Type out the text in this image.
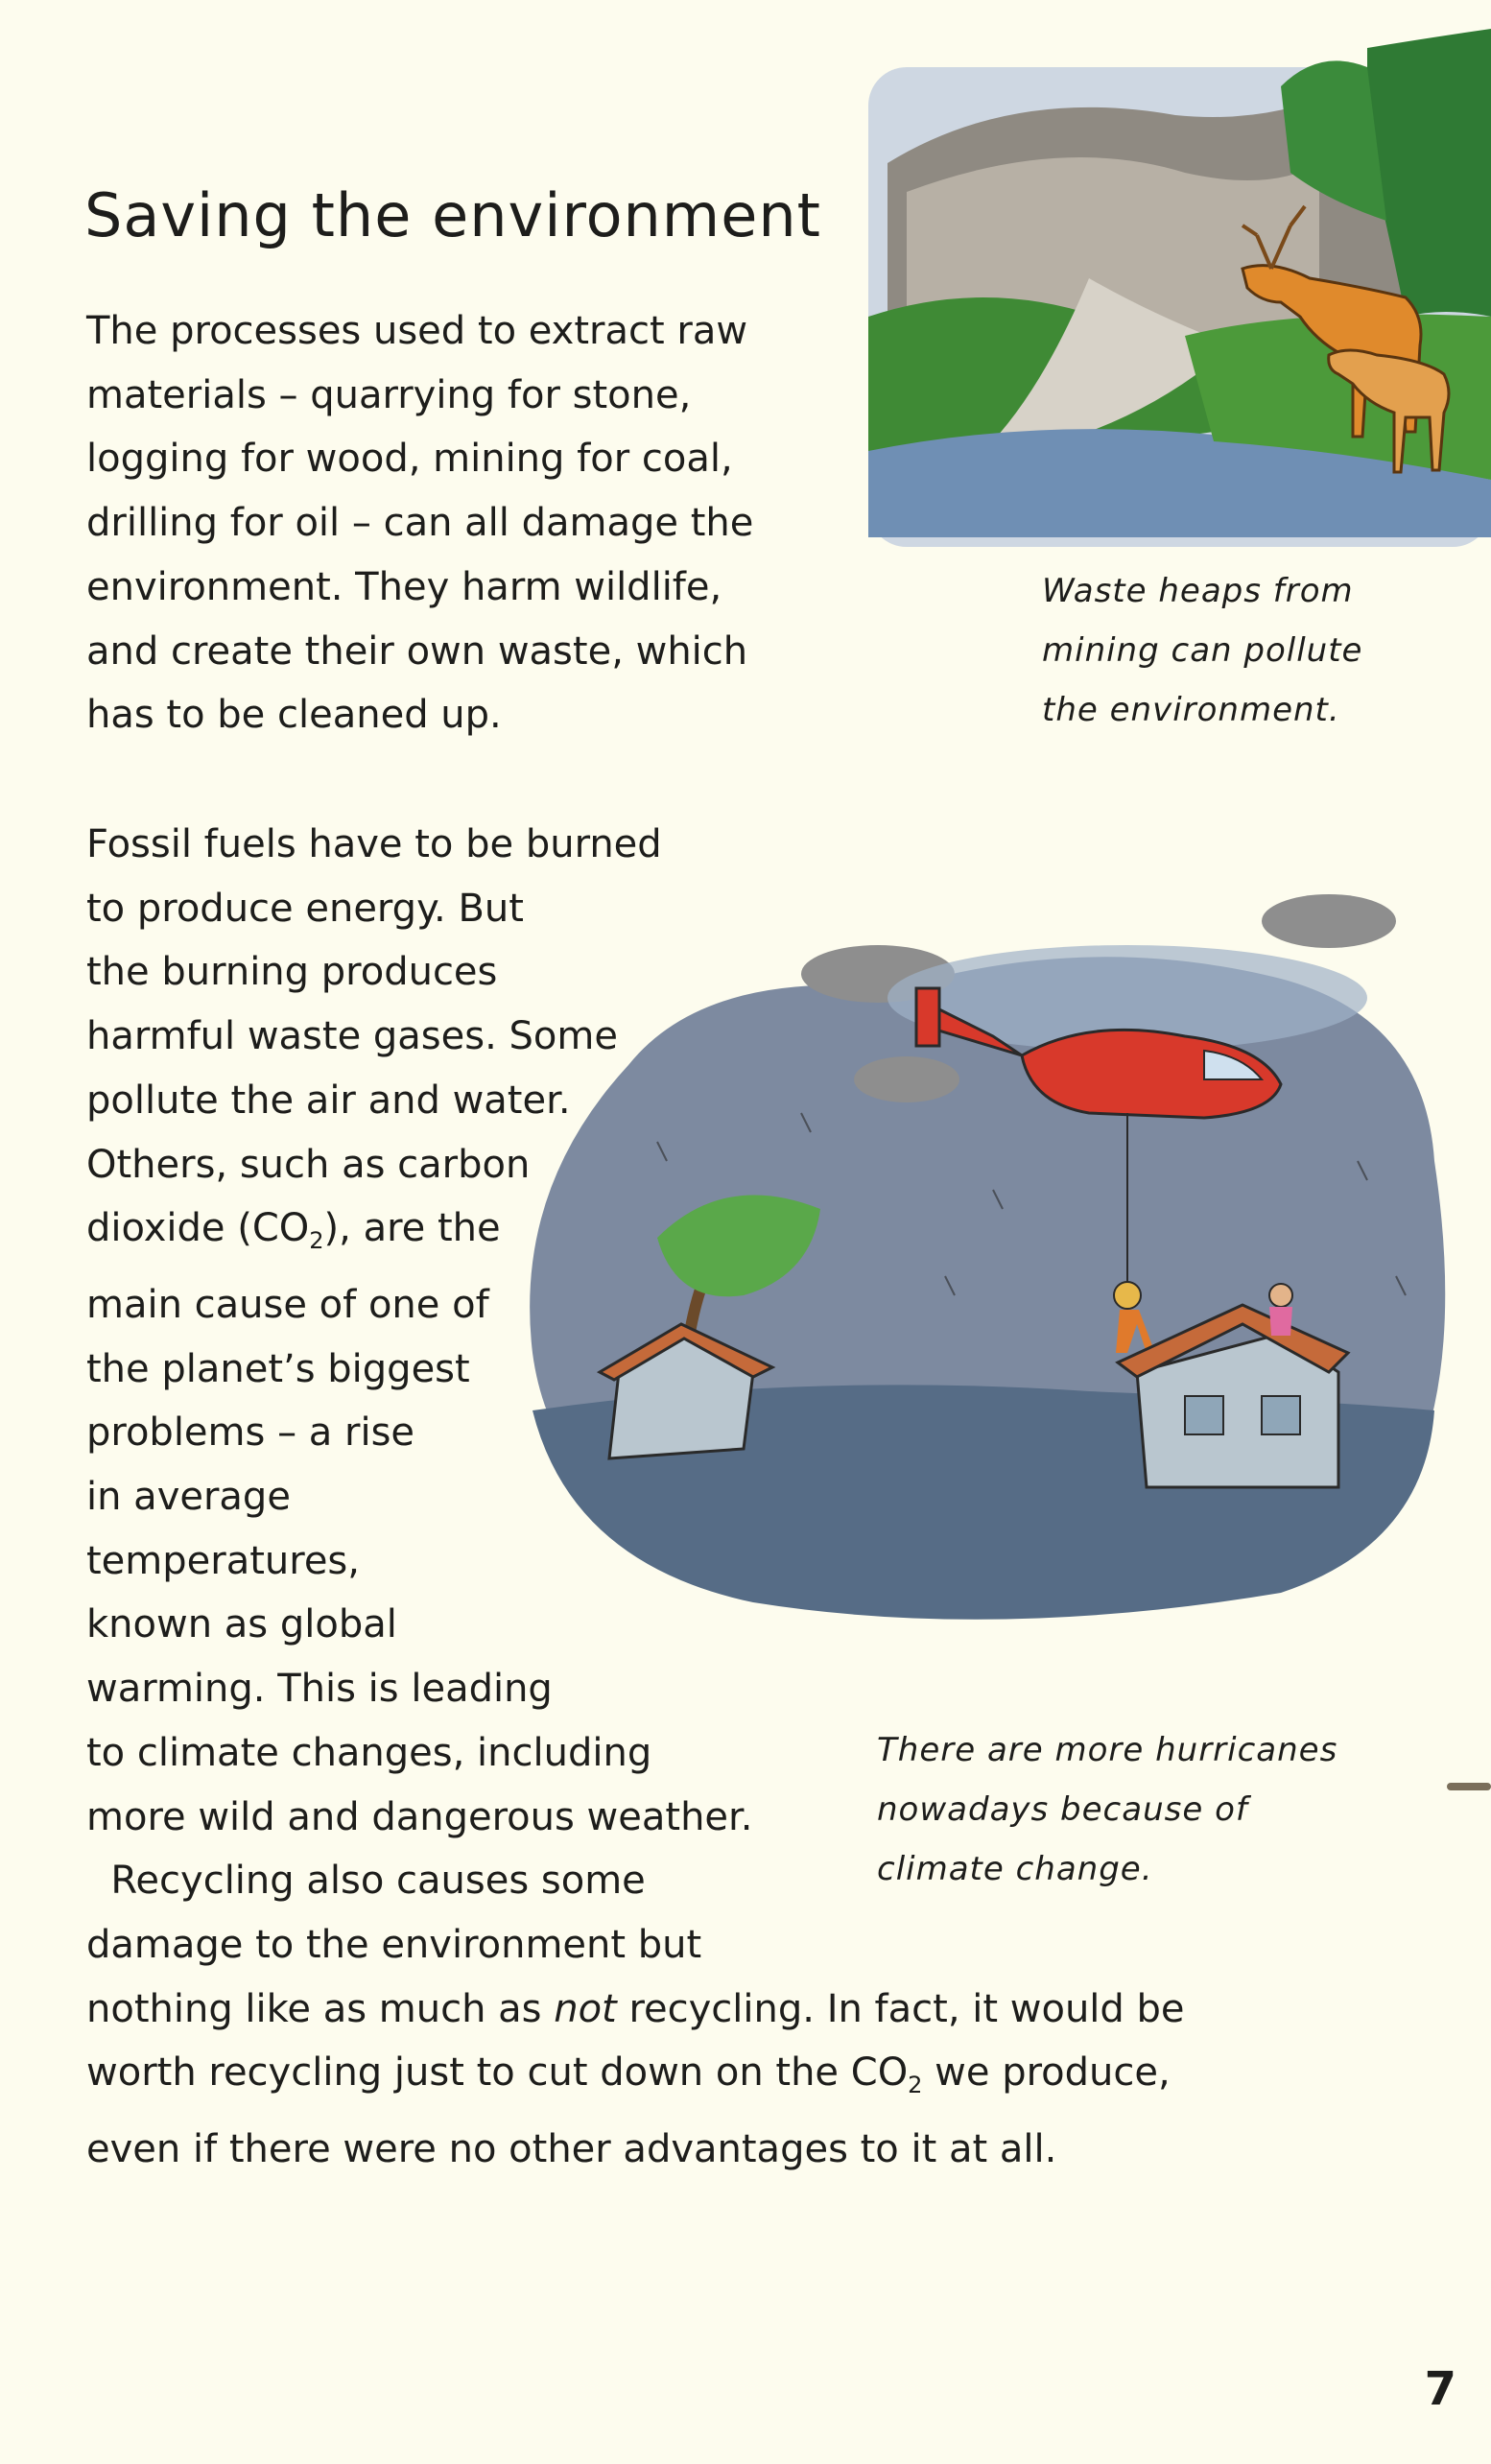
Saving the environment

The processes used to extract raw
materials – quarrying for stone,
logging for wood, mining for coal,
drilling for oil – can all damage the
environment. They harm wildlife,
and create their own waste, which
has to be cleaned up.

Waste heaps from
mining can pollute
the environment.

Fossil fuels have to be burned
to produce energy. But
the burning produces
harmful waste gases. Some
pollute the air and water.
Others, such as carbon
dioxide $(CO_2)$, are the
main cause of one of
the planet’s biggest
problems – a rise
in average
temperatures,
known as global
warming. This is leading
to climate changes, including
more wild and dangerous weather.
Recycling also causes some
damage to the environment but
nothing like as much as not recycling. In fact, it would be
worth recycling just to cut down on the $CO_2$ we produce,
even if there were no other advantages to it at all.

There are more hurricanes
nowadays because of
climate change.

7
